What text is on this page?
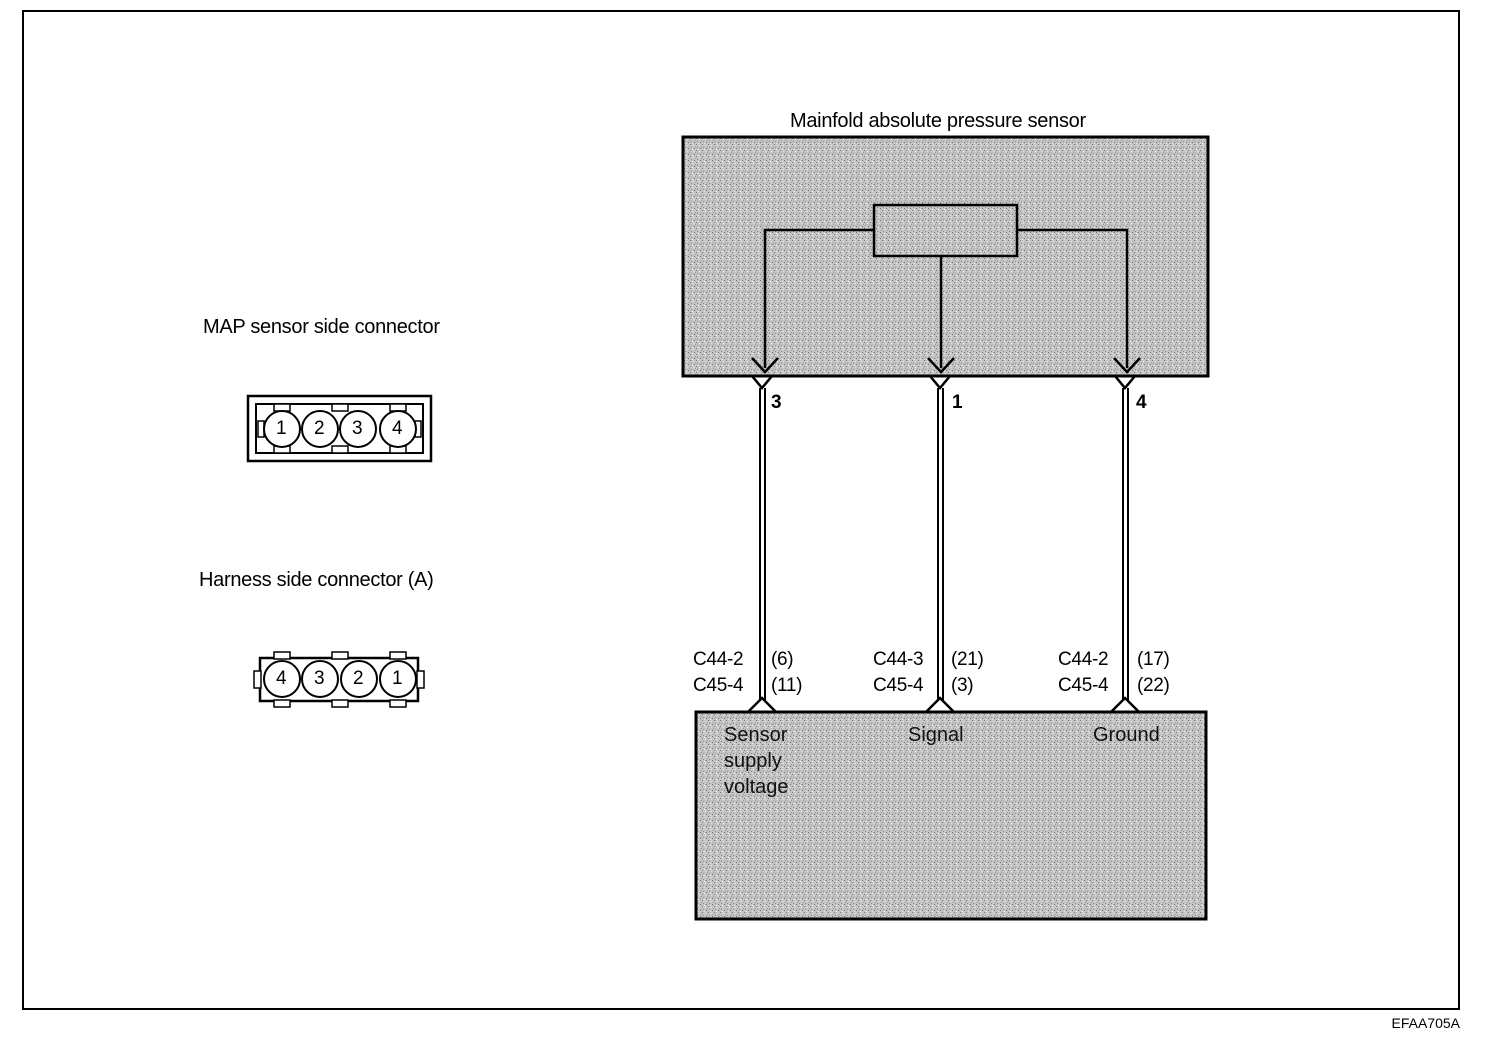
Mainfold absolute pressure sensor
MAP sensor side connector
1 2 3 4
Harness side connector (A)
4 3 2 1
3	1	4
C44-2 (6)
C45-4 (11)
C44-3 (21)
C45-4 (3)
C44-2 (17)
C45-4 (22)
Sensor
supply
voltage
Signal	Ground
EFAA705A
